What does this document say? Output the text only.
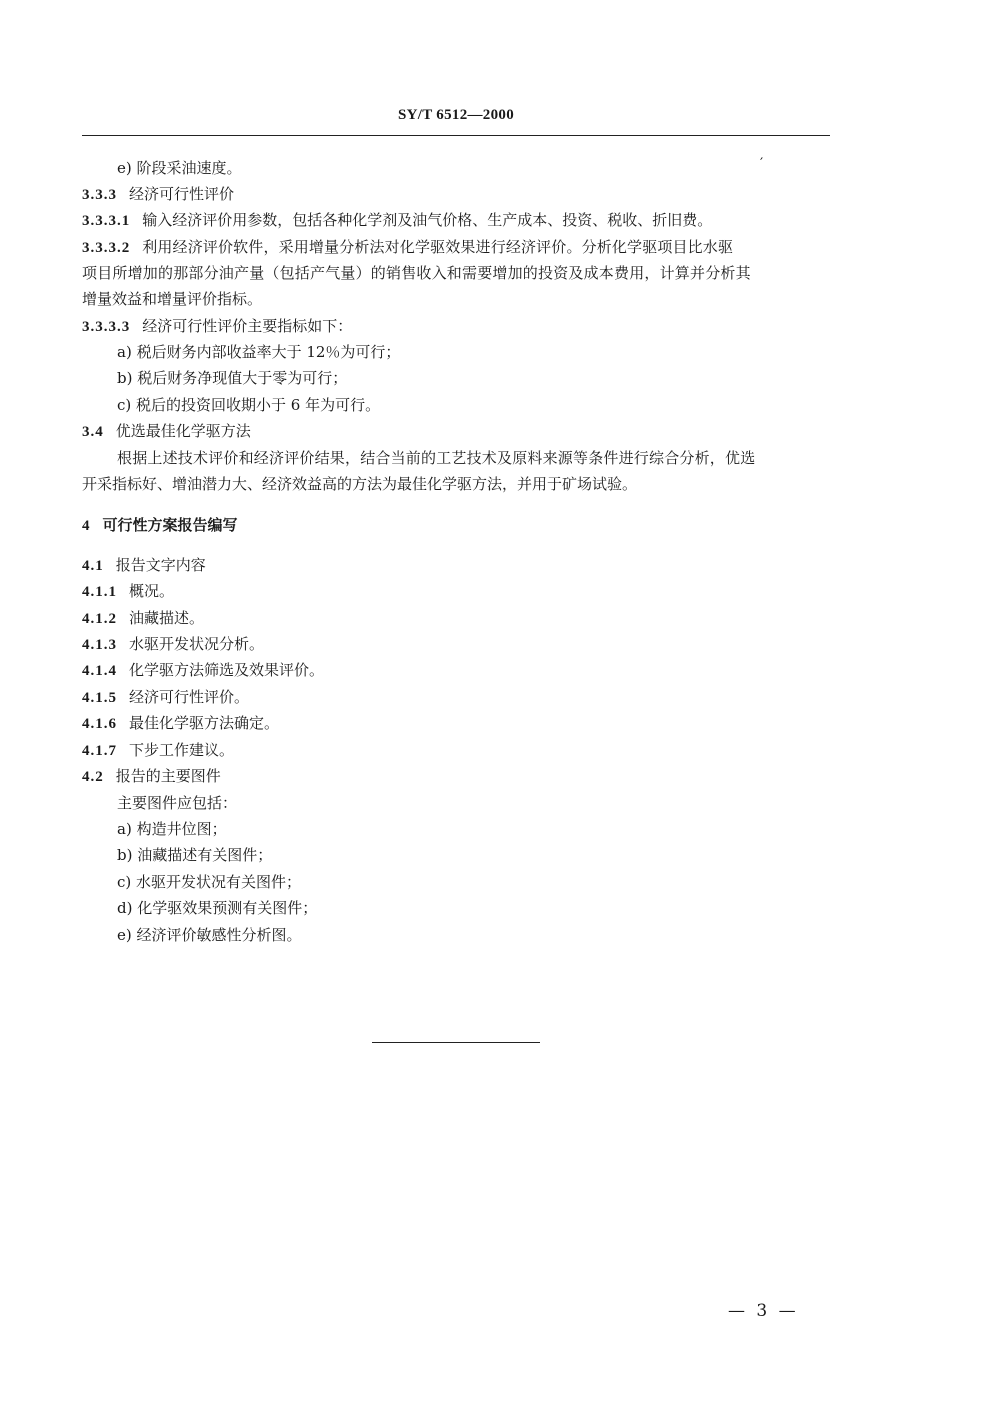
SY/T 6512—2000
′
e) 阶段采油速度。
3.3.3 经济可行性评价
3.3.3.1 输入经济评价用参数，包括各种化学剂及油气价格、生产成本、投资、税收、折旧费。
3.3.3.2 利用经济评价软件，采用增量分析法对化学驱效果进行经济评价。分析化学驱项目比水驱
项目所增加的那部分油产量（包括产气量）的销售收入和需要增加的投资及成本费用，计算并分析其
增量效益和增量评价指标。
3.3.3.3 经济可行性评价主要指标如下：
a) 税后财务内部收益率大于 12％为可行；
b) 税后财务净现值大于零为可行；
c) 税后的投资回收期小于 6 年为可行。
3.4 优选最佳化学驱方法
根据上述技术评价和经济评价结果，结合当前的工艺技术及原料来源等条件进行综合分析，优选
开采指标好、增油潜力大、经济效益高的方法为最佳化学驱方法，并用于矿场试验。
4 可行性方案报告编写
4.1 报告文字内容
4.1.1 概况。
4.1.2 油藏描述。
4.1.3 水驱开发状况分析。
4.1.4 化学驱方法筛选及效果评价。
4.1.5 经济可行性评价。
4.1.6 最佳化学驱方法确定。
4.1.7 下步工作建议。
4.2 报告的主要图件
主要图件应包括：
a) 构造井位图；
b) 油藏描述有关图件；
c) 水驱开发状况有关图件；
d) 化学驱效果预测有关图件；
e) 经济评价敏感性分析图。
— 3 —
